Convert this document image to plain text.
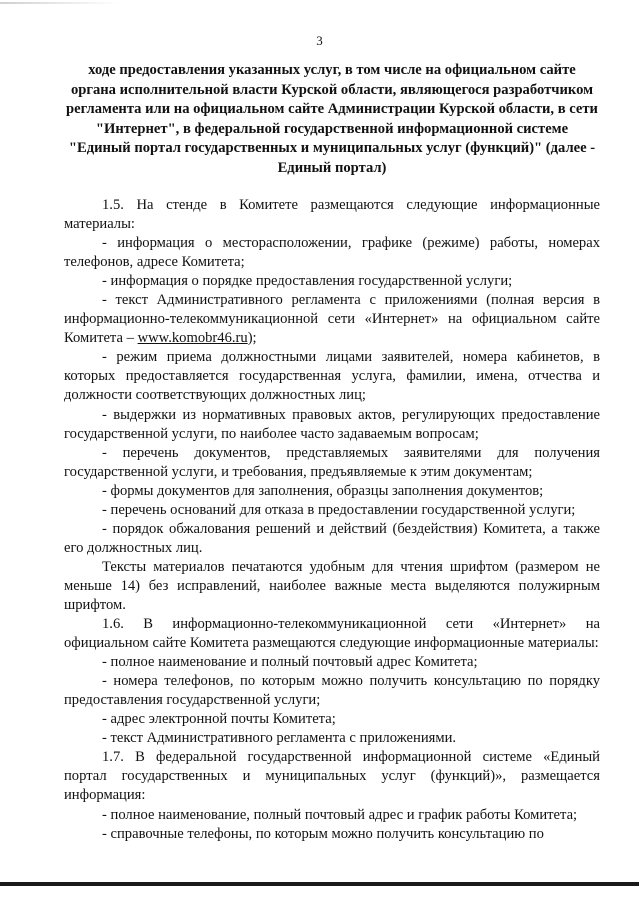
3
ходе предоставления указанных услуг, в том числе на официальном сайте органа исполнительной власти Курской области, являющегося разработчиком регламента или на официальном сайте Администрации Курской области, в сети "Интернет", в федеральной государственной информационной системе "Единый портал государственных и муниципальных услуг (функций)" (далее - Единый портал)

1.5. На стенде в Комитете размещаются следующие информационные материалы:

- информация о месторасположении, графике (режиме) работы, номерах телефонов, адресе Комитета;

- информация о порядке предоставления государственной услуги;

- текст Административного регламента с приложениями (полная версия в информационно-телекоммуникационной сети «Интернет» на официальном сайте Комитета – www.komobr46.ru);

- режим приема должностными лицами заявителей, номера кабинетов, в которых предоставляется государственная услуга, фамилии, имена, отчества и должности соответствующих должностных лиц;

- выдержки из нормативных правовых актов, регулирующих предоставление государственной услуги, по наиболее часто задаваемым вопросам;

- перечень документов, представляемых заявителями для получения государственной услуги, и требования, предъявляемые к этим документам;

- формы документов для заполнения, образцы заполнения документов;

- перечень оснований для отказа в предоставлении государственной услуги;

- порядок обжалования решений и действий (бездействия) Комитета, а также его должностных лиц.

Тексты материалов печатаются удобным для чтения шрифтом (размером не меньше 14) без исправлений, наиболее важные места выделяются полужирным шрифтом.

1.6. В информационно-телекоммуникационной сети «Интернет» на официальном сайте Комитета размещаются следующие информационные материалы:

- полное наименование и полный почтовый адрес Комитета;

- номера телефонов, по которым можно получить консультацию по порядку предоставления государственной услуги;

- адрес электронной почты Комитета;

- текст Административного регламента с приложениями.

1.7. В федеральной государственной информационной системе «Единый портал государственных и муниципальных услуг (функций)», размещается информация:

- полное наименование, полный почтовый адрес и график работы Комитета;

- справочные телефоны, по которым можно получить консультацию по
